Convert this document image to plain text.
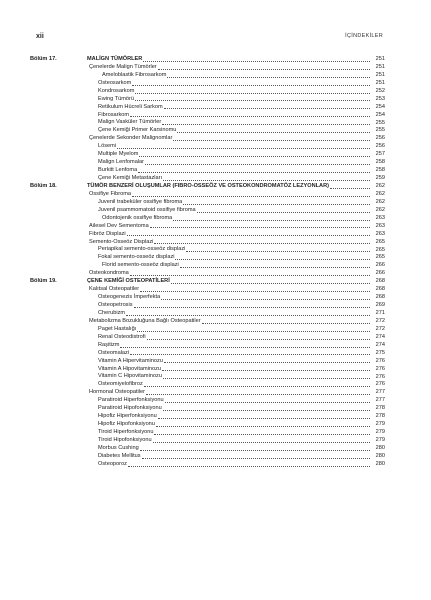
xii	İÇİNDEKİLER
Bölüm 17.	MALİGN TÜMÖRLER	251
Çenelerde Malign Tümörler	251
Ameloblastik Fibrosarkom	251
Osteosarkom	251
Kondrosarkom	252
Ewing Tümörü	253
Retikulum Hücreli Sarkom	254
Fibrosarkom	254
Malign Vasküler Tümörler	255
Çene Kemiği Primer Karsinomu	255
Çenelerde Sekonder Malignomlar	256
Lösemi	256
Multiple Myelom	257
Malign Lenfomalar	258
Burkitt Lenfoma	258
Çene Kemiği Metastazları	259
Bölüm 18.	TÜMÖR BENZERİ OLUŞUMLAR (FIBRO-OSSEÖZ VE OSTEOKONDROMATÖZ LEZYONLAR)	262
Ossifiye Fibroma	262
Juvenil trabeküler ossifiye fibroma	262
Juvenil psammomatoid ossifiye fibroma	262
Odontojenik ossifiye fibroma	263
Ailesel Dev Sementoma	263
Fibröz Displazi	263
Semento-Osseöz Displazi	265
Periapikal semento-osseöz displazi	265
Fokal semento-osseöz displazi	265
Florid semento-osseöz displazi	266
Osteokondroma	266
Bölüm 19.	ÇENE KEMİĞİ OSTEOPATİLERİ	268
Kalıtsal Osteopatiler	268
Osteogenezis İmperfekta	268
Osteopetrosis	269
Cherubizm	271
Metabolizma Bozukluğuna Bağlı Osteopatiler	272
Paget Hastalığı	272
Renal Osteodistrofi	274
Raşitizm	274
Osteomalazi	275
Vitamin A Hipervitaminozu	276
Vitamin A Hipovitaminozu	276
Vitamin C Hipovitaminozu	276
Osteomiyelofibroz	276
Hormonal Osteopatiler	277
Paratiroid Hiperfonksiyonu	277
Paratiroid Hipofonksiyonu	278
Hipofiz Hiperfonksiyonu	278
Hipofiz Hipofonksiyonu	279
Tiroid Hiperfonksiyonu	279
Tiroid Hipofonksiyonu	279
Morbus Cushing	280
Diabetes Mellitus	280
Osteoporoz	280
